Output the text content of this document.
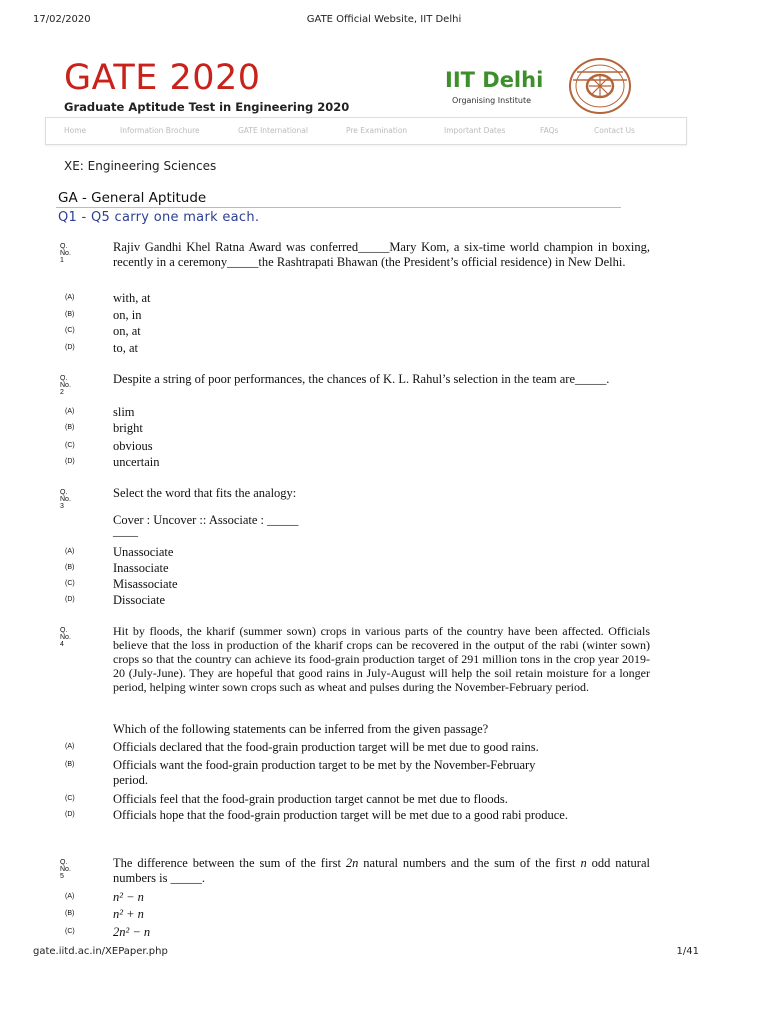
17/02/2020	GATE Official Website, IIT Delhi
GATE 2020
Graduate Aptitude Test in Engineering 2020
IIT Delhi
Organising Institute
Home	Information Brochure	GATE International	Pre Examination	Important Dates	FAQs	Contact Us
XE: Engineering Sciences
GA - General Aptitude
Q1 - Q5 carry one mark each.
Q. No. 1
Rajiv Gandhi Khel Ratna Award was conferred_____Mary Kom, a six-time world champion in boxing, recently in a ceremony_____the Rashtrapati Bhawan (the President’s official residence) in New Delhi.
(A)	with, at
(B)	on, in
(C)	on, at
(D)	to, at
Q. No. 2
Despite a string of poor performances, the chances of K. L. Rahul’s selection in the team are_____.
(A)	slim
(B)	bright
(C)	obvious
(D)	uncertain
Q. No. 3
Select the word that fits the analogy:
Cover : Uncover :: Associate : _____
____
(A)	Unassociate
(B)	Inassociate
(C)	Misassociate
(D)	Dissociate
Q. No. 4
Hit by floods, the kharif (summer sown) crops in various parts of the country have been affected. Officials believe that the loss in production of the kharif crops can be recovered in the output of the rabi (winter sown) crops so that the country can achieve its food-grain production target of 291 million tons in the crop year 2019-20 (July-June). They are hopeful that good rains in July-August will help the soil retain moisture for a longer period, helping winter sown crops such as wheat and pulses during the November-February period.
Which of the following statements can be inferred from the given passage?
(A)	Officials declared that the food-grain production target will be met due to good rains.
(B)	Officials want the food-grain production target to be met by the November-February period.
(C)	Officials feel that the food-grain production target cannot be met due to floods.
(D)	Officials hope that the food-grain production target will be met due to a good rabi produce.
Q. No. 5
The difference between the sum of the first 2n natural numbers and the sum of the first n odd natural numbers is _____.
(A)	n² − n
(B)	n² + n
(C)	2n² − n
gate.iitd.ac.in/XEPaper.php	1/41
